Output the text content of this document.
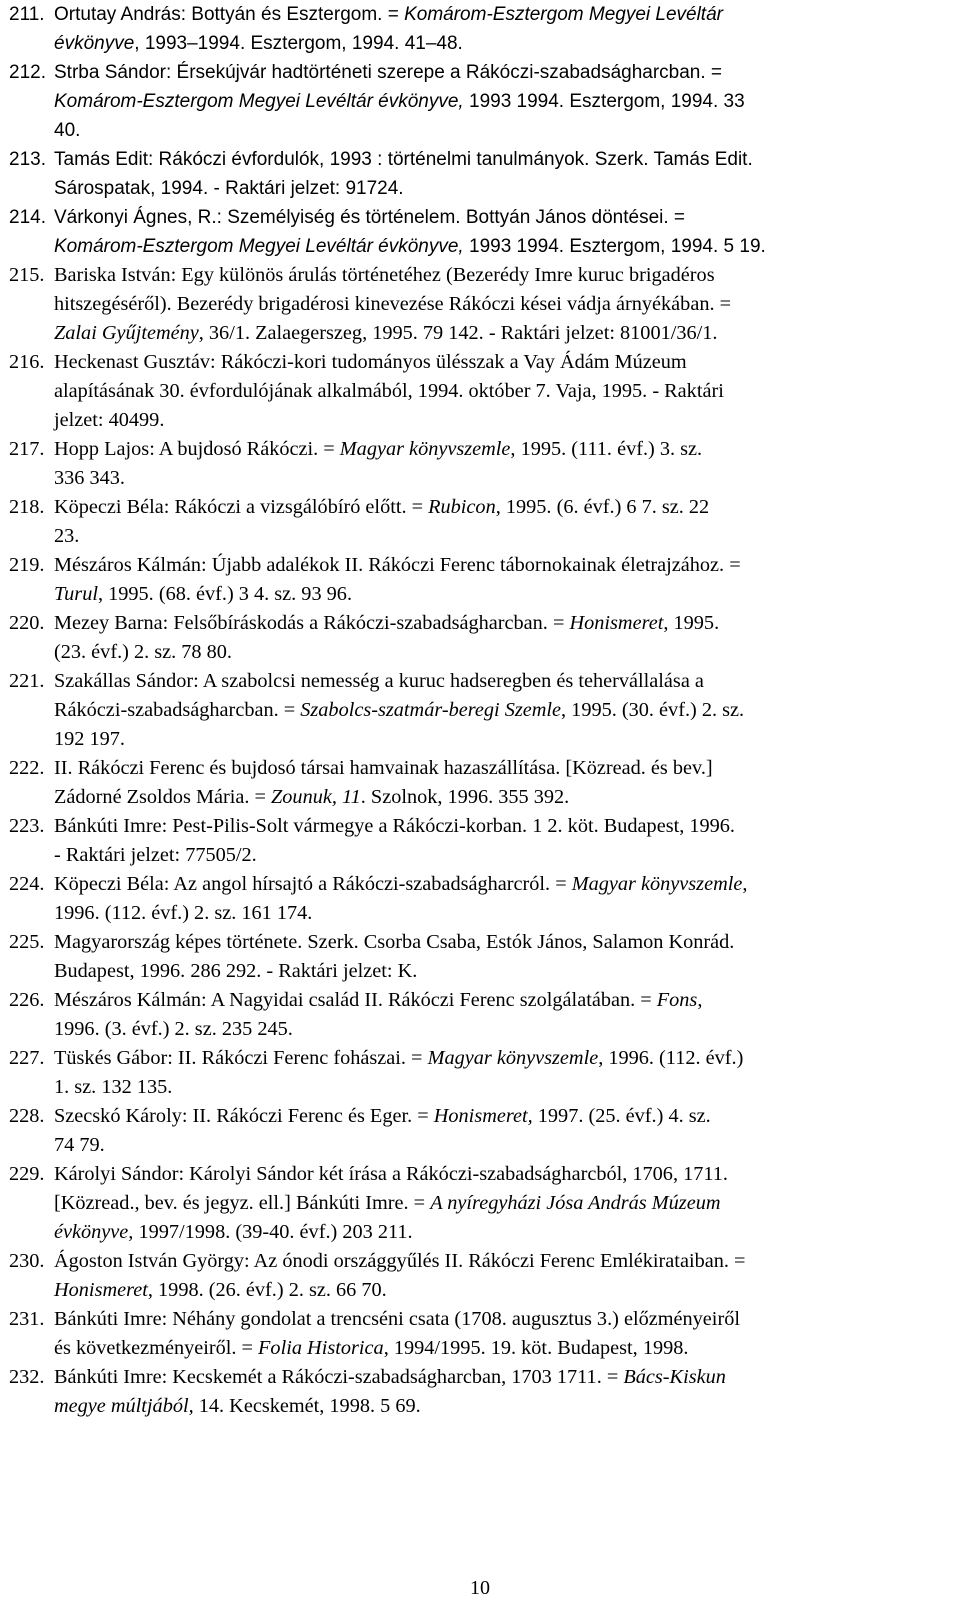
211. Ortutay András: Bottyán és Esztergom. = Komárom-Esztergom Megyei Levéltár
évkönyve, 1993–1994. Esztergom, 1994. 41–48.
212. Strba Sándor: Érsekújvár hadtörténeti szerepe a Rákóczi-szabadságharcban. =
Komárom-Esztergom Megyei Levéltár évkönyve, 1993 1994. Esztergom, 1994. 33
40.
213. Tamás Edit: Rákóczi évfordulók, 1993 : történelmi tanulmányok. Szerk. Tamás Edit.
Sárospatak, 1994. - Raktári jelzet: 91724.
214. Várkonyi Ágnes, R.: Személyiség és történelem. Bottyán János döntései. =
Komárom-Esztergom Megyei Levéltár évkönyve, 1993 1994. Esztergom, 1994. 5 19.
215. Bariska István: Egy különös árulás történetéhez (Bezerédy Imre kuruc brigadéros
hitszegéséről). Bezerédy brigadérosi kinevezése Rákóczi kései vádja árnyékában. =
Zalai Gyűjtemény, 36/1. Zalaegerszeg, 1995. 79 142. - Raktári jelzet: 81001/36/1.
216. Heckenast Gusztáv: Rákóczi-kori tudományos ülésszak a Vay Ádám Múzeum
alapításának 30. évfordulójának alkalmából, 1994. október 7. Vaja, 1995. - Raktári
jelzet: 40499.
217. Hopp Lajos: A bujdosó Rákóczi. = Magyar könyvszemle, 1995. (111. évf.) 3. sz.
336 343.
218. Köpeczi Béla: Rákóczi a vizsgálóbíró előtt. = Rubicon, 1995. (6. évf.) 6 7. sz. 22
23.
219. Mészáros Kálmán: Újabb adalékok II. Rákóczi Ferenc tábornokainak életrajzához. =
Turul, 1995. (68. évf.) 3 4. sz. 93 96.
220. Mezey Barna: Felsőbíráskodás a Rákóczi-szabadságharcban. = Honismeret, 1995.
(23. évf.) 2. sz. 78 80.
221. Szakállas Sándor: A szabolcsi nemesség a kuruc hadseregben és tehervállalása a
Rákóczi-szabadságharcban. = Szabolcs-szatmár-beregi Szemle, 1995. (30. évf.) 2. sz.
192 197.
222. II. Rákóczi Ferenc és bujdosó társai hamvainak hazaszállítása. [Közread. és bev.]
Zádorné Zsoldos Mária. = Zounuk, 11. Szolnok, 1996. 355 392.
223. Bánkúti Imre: Pest-Pilis-Solt vármegye a Rákóczi-korban. 1 2. köt. Budapest, 1996.
- Raktári jelzet: 77505/2.
224. Köpeczi Béla: Az angol hírsajtó a Rákóczi-szabadságharcról. = Magyar könyvszemle,
1996. (112. évf.) 2. sz. 161 174.
225. Magyarország képes története. Szerk. Csorba Csaba, Estók János, Salamon Konrád.
Budapest, 1996. 286 292. - Raktári jelzet: K.
226. Mészáros Kálmán: A Nagyidai család II. Rákóczi Ferenc szolgálatában. = Fons,
1996. (3. évf.) 2. sz. 235 245.
227. Tüskés Gábor: II. Rákóczi Ferenc fohászai. = Magyar könyvszemle, 1996. (112. évf.)
1. sz. 132 135.
228. Szecskó Károly: II. Rákóczi Ferenc és Eger. = Honismeret, 1997. (25. évf.) 4. sz.
74 79.
229. Károlyi Sándor: Károlyi Sándor két írása a Rákóczi-szabadságharcból, 1706, 1711.
[Közread., bev. és jegyz. ell.] Bánkúti Imre. = A nyíregyházi Jósa András Múzeum
évkönyve, 1997/1998. (39-40. évf.) 203 211.
230. Ágoston István György: Az ónodi országgyűlés II. Rákóczi Ferenc Emlékirataiban. =
Honismeret, 1998. (26. évf.) 2. sz. 66 70.
231. Bánkúti Imre: Néhány gondolat a trencséni csata (1708. augusztus 3.) előzményeiről
és következményeiről. = Folia Historica, 1994/1995. 19. köt. Budapest, 1998.
232. Bánkúti Imre: Kecskemét a Rákóczi-szabadságharcban, 1703 1711. = Bács-Kiskun
megye múltjából, 14. Kecskemét, 1998. 5 69.
10
